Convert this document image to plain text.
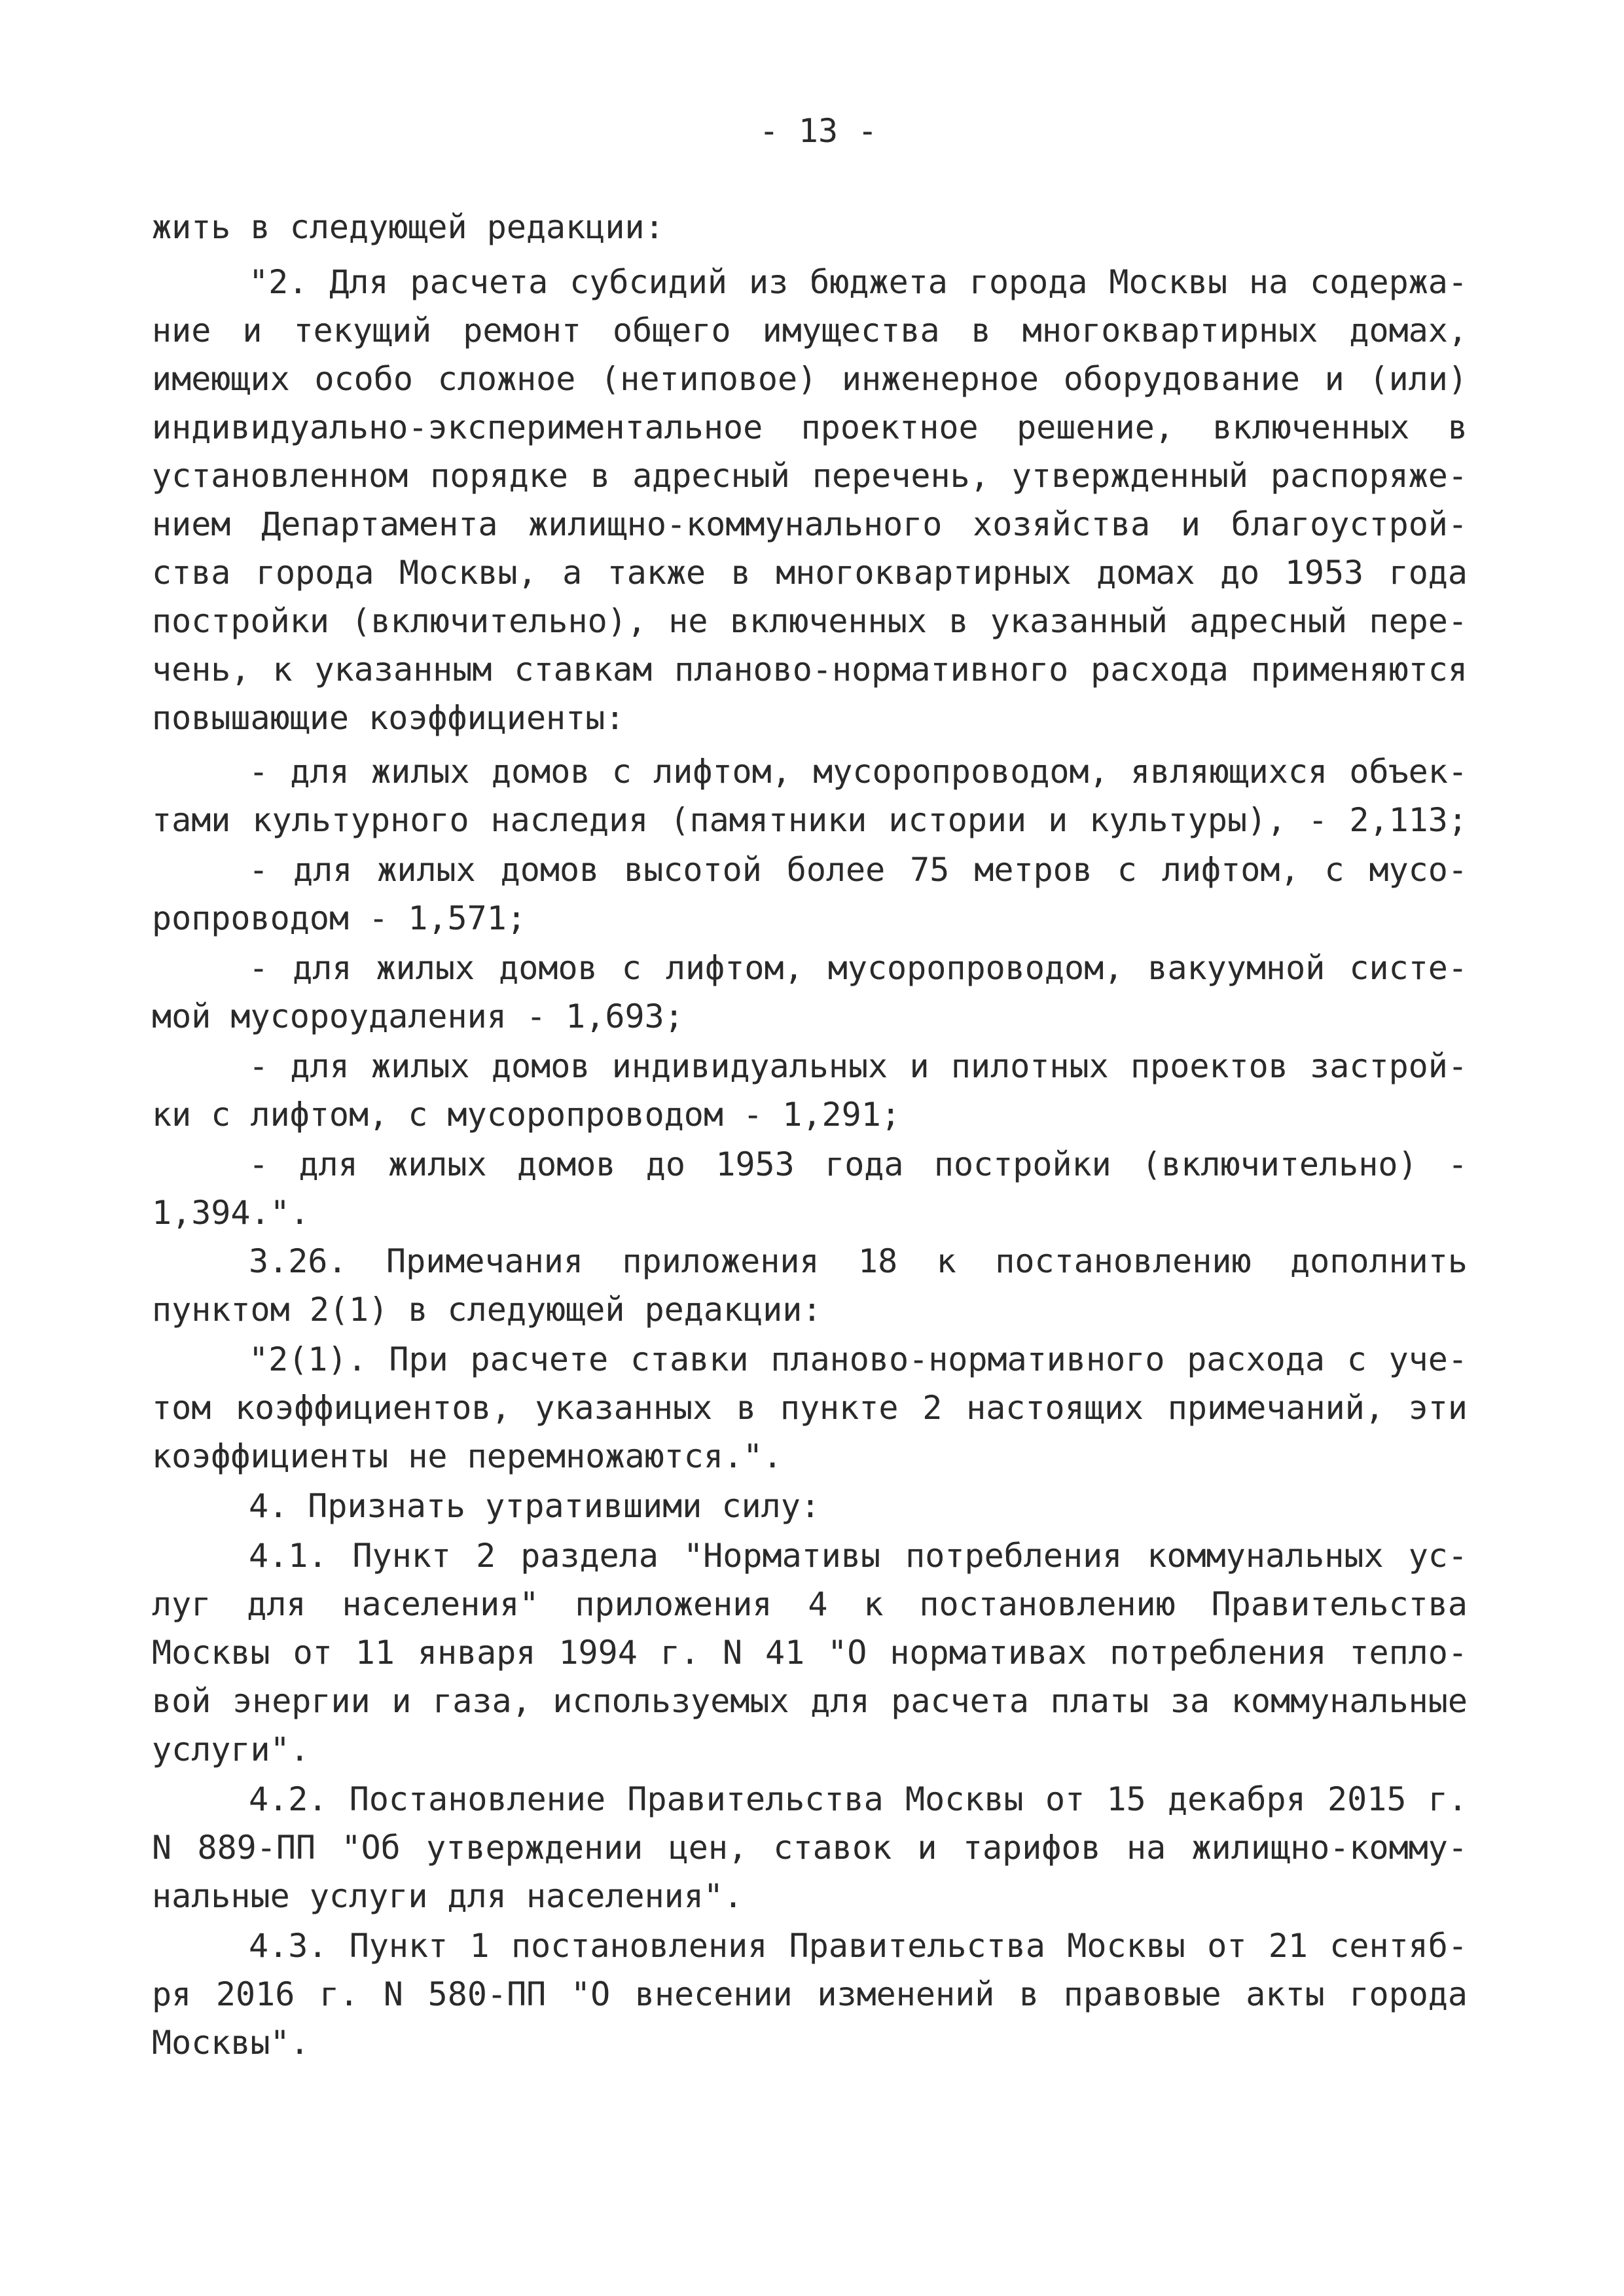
- 13 -
жить в следующей редакции:
"2. Для расчета субсидий из бюджета города Москвы на содержа-
ние и текущий ремонт общего имущества в многоквартирных домах,
имеющих особо сложное (нетиповое) инженерное оборудование и (или)
индивидуально-экспериментальное проектное решение, включенных в
установленном порядке в адресный перечень, утвержденный распоряже-
нием Департамента жилищно-коммунального хозяйства и благоустрой-
ства города Москвы, а также в многоквартирных домах до 1953 года
постройки (включительно), не включенных в указанный адресный пере-
чень, к указанным ставкам планово-нормативного расхода применяются
повышающие коэффициенты:
- для жилых домов с лифтом, мусоропроводом, являющихся объек-
тами культурного наследия (памятники истории и культуры), - 2,113;
- для жилых домов высотой более 75 метров с лифтом, с мусо-
ропроводом - 1,571;
- для жилых домов с лифтом, мусоропроводом, вакуумной систе-
мой мусороудаления - 1,693;
- для жилых домов индивидуальных и пилотных проектов застрой-
ки с лифтом, с мусоропроводом - 1,291;
- для жилых домов до 1953 года постройки (включительно) -
1,394.".
3.26. Примечания приложения 18 к постановлению дополнить
пунктом 2(1) в следующей редакции:
"2(1). При расчете ставки планово-нормативного расхода с уче-
том коэффициентов, указанных в пункте 2 настоящих примечаний, эти
коэффициенты не перемножаются.".
4. Признать утратившими силу:
4.1. Пункт 2 раздела "Нормативы потребления коммунальных ус-
луг для населения" приложения 4 к постановлению Правительства
Москвы от 11 января 1994 г. N 41 "О нормативах потребления тепло-
вой энергии и газа, используемых для расчета платы за коммунальные
услуги".
4.2. Постановление Правительства Москвы от 15 декабря 2015 г.
N 889-ПП "Об утверждении цен, ставок и тарифов на жилищно-комму-
нальные услуги для населения".
4.3. Пункт 1 постановления Правительства Москвы от 21 сентяб-
ря 2016 г. N 580-ПП "О внесении изменений в правовые акты города
Москвы".
